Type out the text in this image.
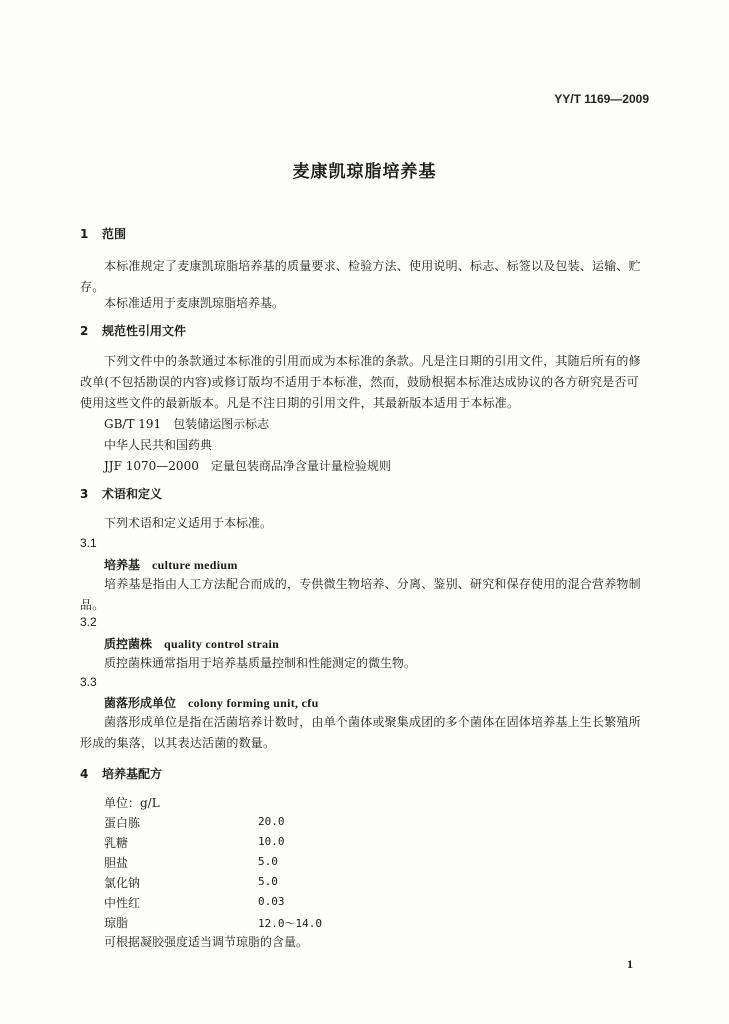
YY/T 1169—2009
麦康凯琼脂培养基
1 范围
本标准规定了麦康凯琼脂培养基的质量要求、检验方法、使用说明、标志、标签以及包装、运输、贮存。
本标准适用于麦康凯琼脂培养基。
2 规范性引用文件
下列文件中的条款通过本标准的引用而成为本标准的条款。凡是注日期的引用文件，其随后所有的修改单(不包括勘误的内容)或修订版均不适用于本标准，然而，鼓励根据本标准达成协议的各方研究是否可使用这些文件的最新版本。凡是不注日期的引用文件，其最新版本适用于本标准。
GB/T 191　包装储运图示标志
中华人民共和国药典
JJF 1070—2000　定量包装商品净含量计量检验规则
3 术语和定义
下列术语和定义适用于本标准。
3.1
培养基 culture medium
培养基是指由人工方法配合而成的，专供微生物培养、分离、鉴别、研究和保存使用的混合营养物制品。
3.2
质控菌株 quality control strain
质控菌株通常指用于培养基质量控制和性能测定的微生物。
3.3
菌落形成单位 colony forming unit, cfu
菌落形成单位是指在活菌培养计数时，由单个菌体或聚集成团的多个菌体在固体培养基上生长繁殖所形成的集落，以其表达活菌的数量。
4 培养基配方
单位：g/L
蛋白胨	20.0
乳糖	10.0
胆盐	5.0
氯化钠	5.0
中性红	0.03
琼脂	12.0～14.0
可根据凝胶强度适当调节琼脂的含量。
1
